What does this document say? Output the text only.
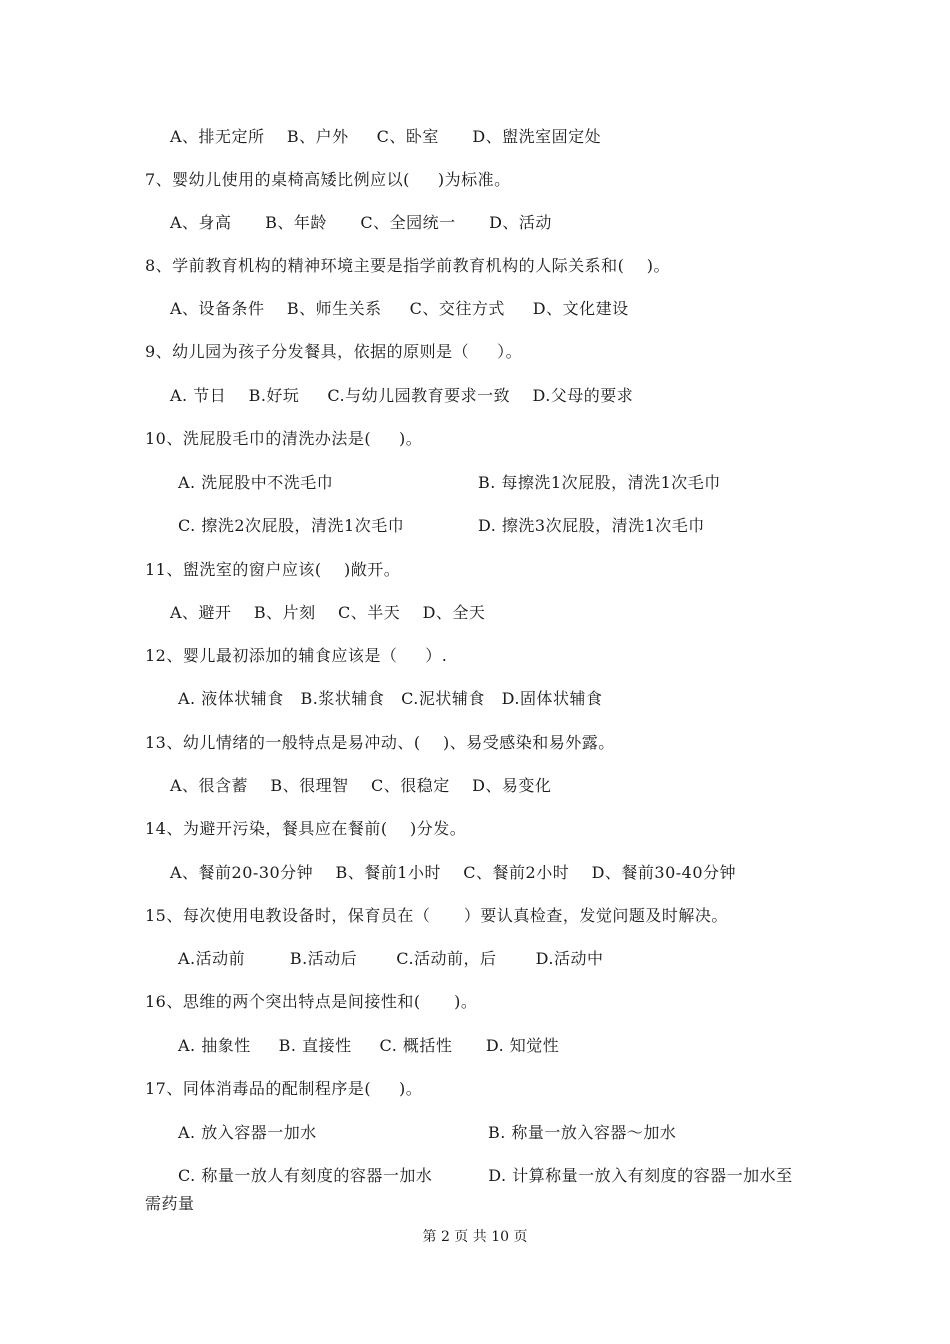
A、排无定所    B、户外     C、卧室      D、盥洗室固定处
7、婴幼儿使用的桌椅高矮比例应以(     )为标准。
A、身高      B、年龄      C、全园统一      D、活动
8、学前教育机构的精神环境主要是指学前教育机构的人际关系和(    )。
A、设备条件    B、师生关系     C、交往方式     D、文化建设
9、幼儿园为孩子分发餐具，依据的原则是（     ）。
A. 节日    B.好玩     C.与幼儿园教育要求一致    D.父母的要求
10、洗屁股毛巾的清洗办法是(     )。
A. 洗屁股中不洗毛巾	B. 每擦洗1次屁股，清洗1次毛巾
C. 擦洗2次屁股，清洗1次毛巾	D. 擦洗3次屁股，清洗1次毛巾
11、盥洗室的窗户应该(    )敞开。
A、避开    B、片刻    C、半天    D、全天
12、婴儿最初添加的辅食应该是（     ）.
A. 液体状辅食   B.浆状辅食   C.泥状辅食   D.固体状辅食
13、幼儿情绪的一般特点是易冲动、(    )、易受感染和易外露。
A、很含蓄    B、很理智    C、很稳定    D、易变化
14、为避开污染，餐具应在餐前(    )分发。
A、餐前20-30分钟    B、餐前1小时    C、餐前2小时    D、餐前30-40分钟
15、每次使用电教设备时，保育员在（      ）要认真检查，发觉问题及时解决。
A.活动前        B.活动后       C.活动前，后       D.活动中
16、思维的两个突出特点是间接性和(      )。
A. 抽象性     B. 直接性     C. 概括性      D. 知觉性
17、同体消毒品的配制程序是(     )。
A. 放入容器一加水	B. 称量一放入容器～加水
C. 称量一放人有刻度的容器一加水          D. 计算称量一放入有刻度的容器一加水至
需药量
第 2 页 共 10 页
